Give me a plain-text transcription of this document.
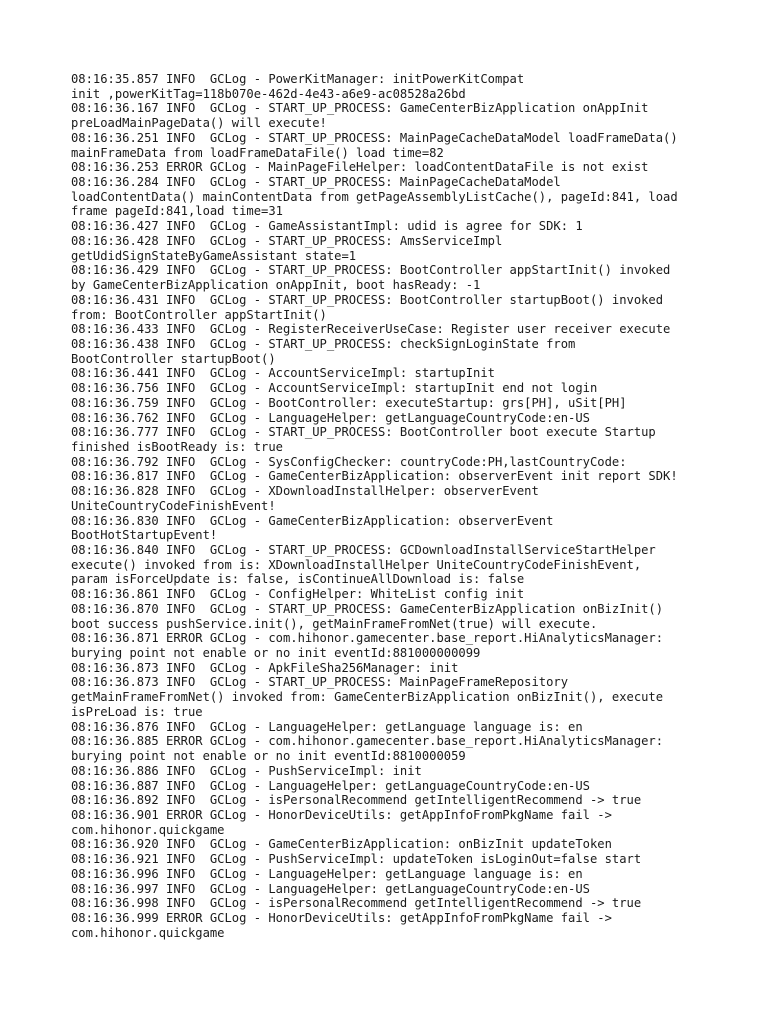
08:16:35.857 INFO  GCLog - PowerKitManager: initPowerKitCompat
init ,powerKitTag=118b070e-462d-4e43-a6e9-ac08528a26bd
08:16:36.167 INFO  GCLog - START_UP_PROCESS: GameCenterBizApplication onAppInit
preLoadMainPageData() will execute!
08:16:36.251 INFO  GCLog - START_UP_PROCESS: MainPageCacheDataModel loadFrameData()
mainFrameData from loadFrameDataFile() load time=82
08:16:36.253 ERROR GCLog - MainPageFileHelper: loadContentDataFile is not exist
08:16:36.284 INFO  GCLog - START_UP_PROCESS: MainPageCacheDataModel
loadContentData() mainContentData from getPageAssemblyListCache(), pageId:841, load
frame pageId:841,load time=31
08:16:36.427 INFO  GCLog - GameAssistantImpl: udid is agree for SDK: 1
08:16:36.428 INFO  GCLog - START_UP_PROCESS: AmsServiceImpl
getUdidSignStateByGameAssistant state=1
08:16:36.429 INFO  GCLog - START_UP_PROCESS: BootController appStartInit() invoked
by GameCenterBizApplication onAppInit, boot hasReady: -1
08:16:36.431 INFO  GCLog - START_UP_PROCESS: BootController startupBoot() invoked
from: BootController appStartInit()
08:16:36.433 INFO  GCLog - RegisterReceiverUseCase: Register user receiver execute
08:16:36.438 INFO  GCLog - START_UP_PROCESS: checkSignLoginState from
BootController startupBoot()
08:16:36.441 INFO  GCLog - AccountServiceImpl: startupInit
08:16:36.756 INFO  GCLog - AccountServiceImpl: startupInit end not login
08:16:36.759 INFO  GCLog - BootController: executeStartup: grs[PH], uSit[PH]
08:16:36.762 INFO  GCLog - LanguageHelper: getLanguageCountryCode:en-US
08:16:36.777 INFO  GCLog - START_UP_PROCESS: BootController boot execute Startup
finished isBootReady is: true
08:16:36.792 INFO  GCLog - SysConfigChecker: countryCode:PH,lastCountryCode:
08:16:36.817 INFO  GCLog - GameCenterBizApplication: observerEvent init report SDK!
08:16:36.828 INFO  GCLog - XDownloadInstallHelper: observerEvent
UniteCountryCodeFinishEvent!
08:16:36.830 INFO  GCLog - GameCenterBizApplication: observerEvent
BootHotStartupEvent!
08:16:36.840 INFO  GCLog - START_UP_PROCESS: GCDownloadInstallServiceStartHelper
execute() invoked from is: XDownloadInstallHelper UniteCountryCodeFinishEvent,
param isForceUpdate is: false, isContinueAllDownload is: false
08:16:36.861 INFO  GCLog - ConfigHelper: WhiteList config init
08:16:36.870 INFO  GCLog - START_UP_PROCESS: GameCenterBizApplication onBizInit()
boot success pushService.init(), getMainFrameFromNet(true) will execute.
08:16:36.871 ERROR GCLog - com.hihonor.gamecenter.base_report.HiAnalyticsManager:
burying point not enable or no init eventId:881000000099
08:16:36.873 INFO  GCLog - ApkFileSha256Manager: init
08:16:36.873 INFO  GCLog - START_UP_PROCESS: MainPageFrameRepository
getMainFrameFromNet() invoked from: GameCenterBizApplication onBizInit(), execute
isPreLoad is: true
08:16:36.876 INFO  GCLog - LanguageHelper: getLanguage language is: en
08:16:36.885 ERROR GCLog - com.hihonor.gamecenter.base_report.HiAnalyticsManager:
burying point not enable or no init eventId:8810000059
08:16:36.886 INFO  GCLog - PushServiceImpl: init
08:16:36.887 INFO  GCLog - LanguageHelper: getLanguageCountryCode:en-US
08:16:36.892 INFO  GCLog - isPersonalRecommend getIntelligentRecommend -> true
08:16:36.901 ERROR GCLog - HonorDeviceUtils: getAppInfoFromPkgName fail ->
com.hihonor.quickgame
08:16:36.920 INFO  GCLog - GameCenterBizApplication: onBizInit updateToken
08:16:36.921 INFO  GCLog - PushServiceImpl: updateToken isLoginOut=false start
08:16:36.996 INFO  GCLog - LanguageHelper: getLanguage language is: en
08:16:36.997 INFO  GCLog - LanguageHelper: getLanguageCountryCode:en-US
08:16:36.998 INFO  GCLog - isPersonalRecommend getIntelligentRecommend -> true
08:16:36.999 ERROR GCLog - HonorDeviceUtils: getAppInfoFromPkgName fail ->
com.hihonor.quickgame
